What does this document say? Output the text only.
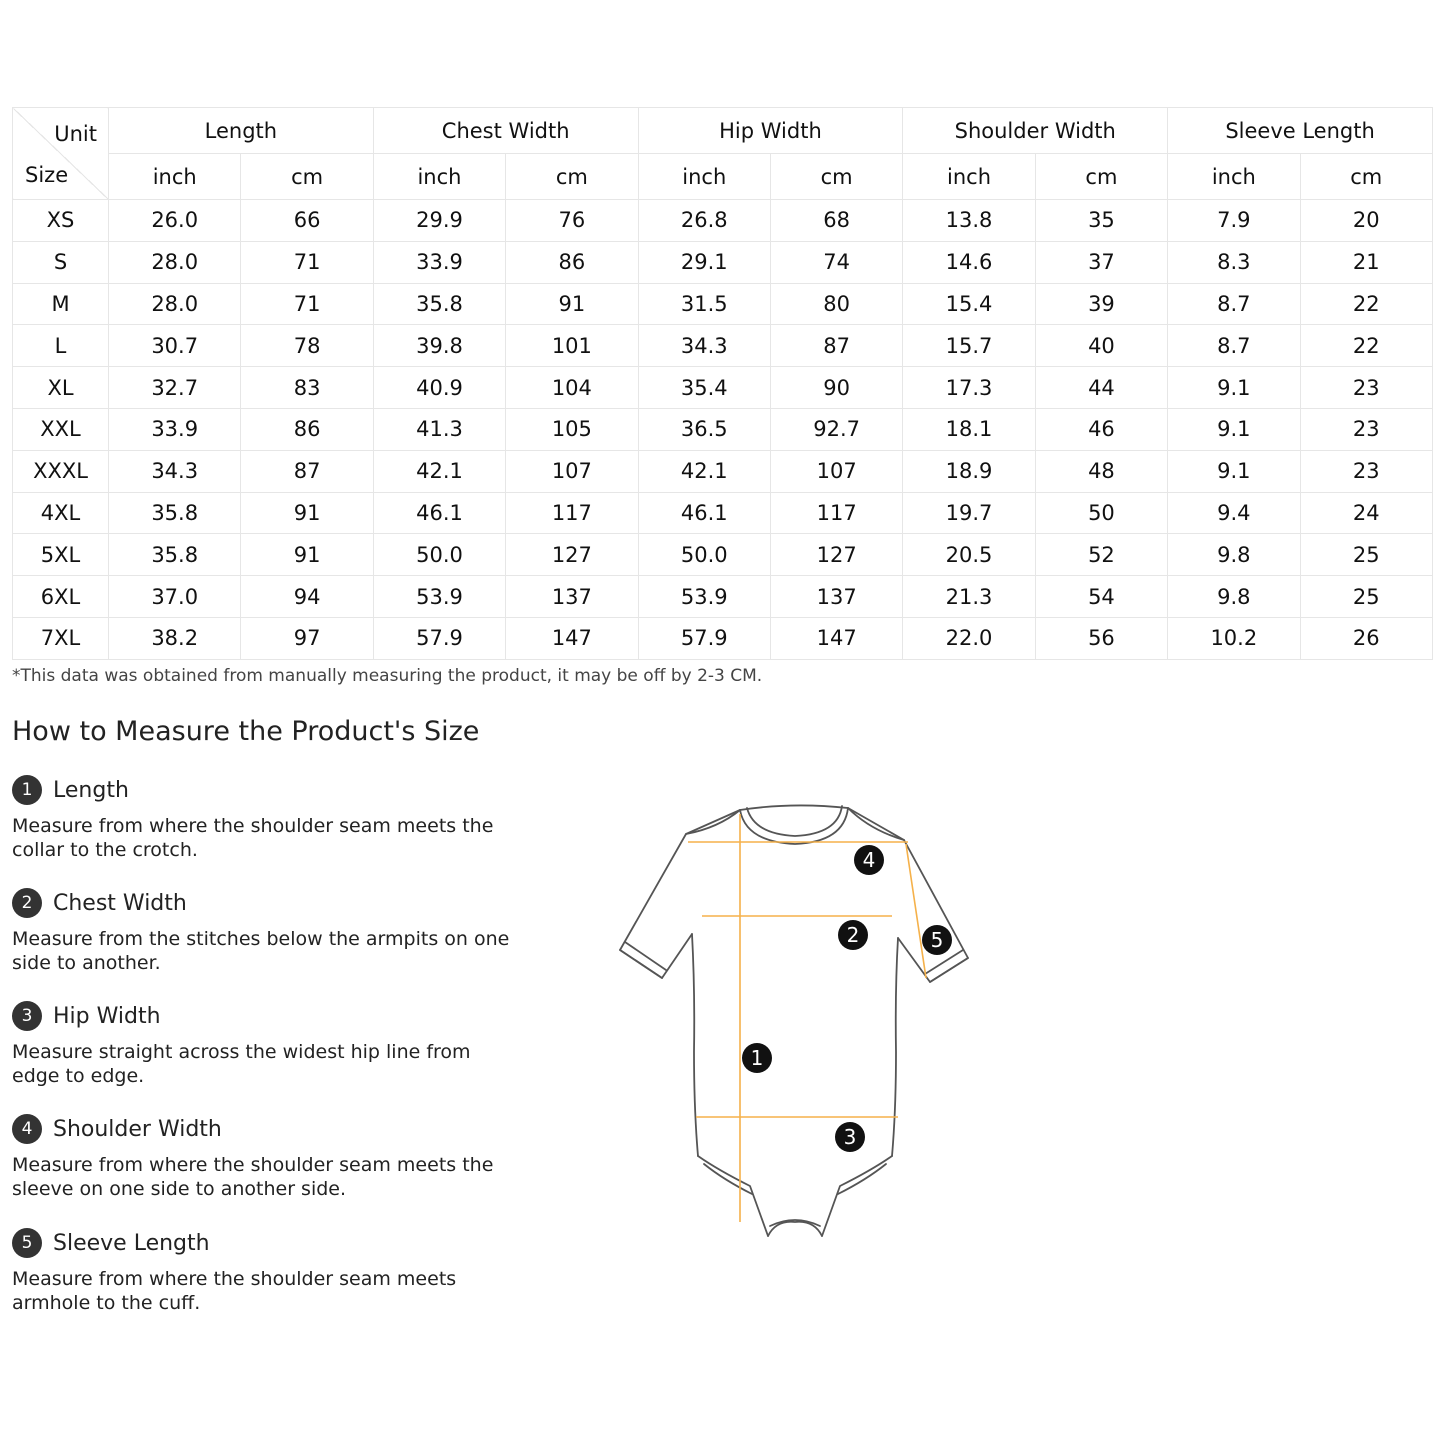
Unit
Size	Length		Chest Width		Hip Width		Shoulder Width		Sleeve Length	
	inch	cm	inch	cm	inch	cm	inch	cm	inch	cm
XS	26.0	66	29.9	76	26.8	68	13.8	35	7.9	20
S	28.0	71	33.9	86	29.1	74	14.6	37	8.3	21
M	28.0	71	35.8	91	31.5	80	15.4	39	8.7	22
L	30.7	78	39.8	101	34.3	87	15.7	40	8.7	22
XL	32.7	83	40.9	104	35.4	90	17.3	44	9.1	23
XXL	33.9	86	41.3	105	36.5	92.7	18.1	46	9.1	23
XXXL	34.3	87	42.1	107	42.1	107	18.9	48	9.1	23
4XL	35.8	91	46.1	117	46.1	117	19.7	50	9.4	24
5XL	35.8	91	50.0	127	50.0	127	20.5	52	9.8	25
6XL	37.0	94	53.9	137	53.9	137	21.3	54	9.8	25
7XL	38.2	97	57.9	147	57.9	147	22.0	56	10.2	26
*This data was obtained from manually measuring the product, it may be off by 2-3 CM.
How to Measure the Product's Size
1 Length
Measure from where the shoulder seam meets the collar to the crotch.
2 Chest Width
Measure from the stitches below the armpits on one side to another.
3 Hip Width
Measure straight across the widest hip line from edge to edge.
4 Shoulder Width
Measure from where the shoulder seam meets the sleeve on one side to another side.
5 Sleeve Length
Measure from where the shoulder seam meets armhole to the cuff.
4
2	5
1
3
